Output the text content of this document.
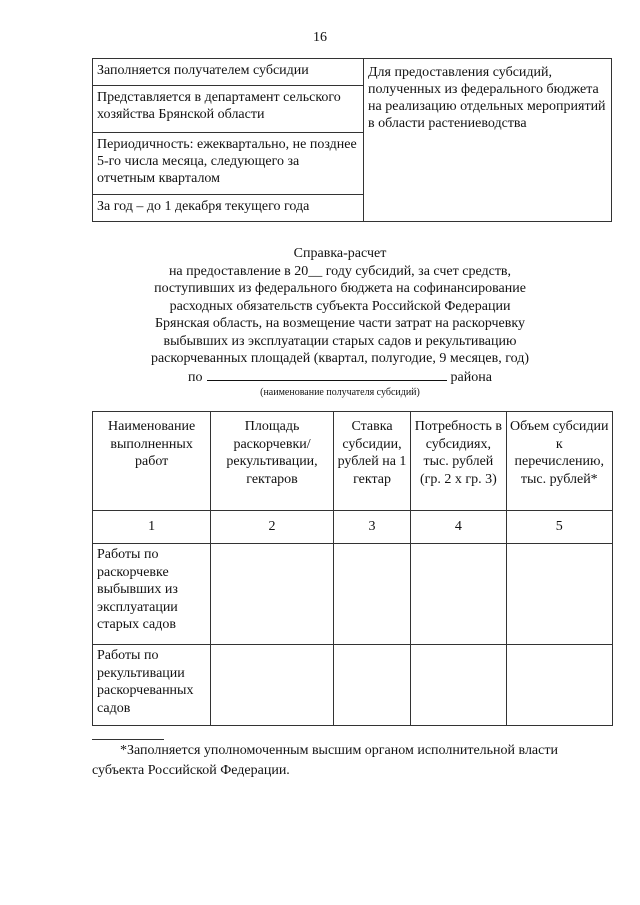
16
Заполняется получателем субсидии	Для предоставления субсидий, полученных из федерального бюджета на реализацию отдельных мероприятий в области растениеводства
Представляется в департамент сельского хозяйства Брянской области
Периодичность: ежеквартально, не позднее 5-го числа месяца, следующего за отчетным кварталом
За год – до 1 декабря текущего года
Справка-расчет
на предоставление в 20__ году субсидий, за счет средств,
поступивших из федерального бюджета на софинансирование
расходных обязательств субъекта Российской Федерации
Брянская область, на возмещение части затрат на раскорчевку
выбывших из эксплуатации старых садов и рекультивацию
раскорчеванных площадей (квартал, полугодие, 9 месяцев, год)
по	района
(наименование получателя субсидий)
Наименование выполненных работ	Площадь раскорчевки/ рекультивации, гектаров	Ставка субсидии, рублей на 1 гектар	Потребность в субсидиях, тыс. рублей (гр. 2 х гр. 3)	Объем субсидии к перечислению, тыс. рублей*
1	2	3	4	5
Работы по раскорчевке выбывших из эксплуатации старых садов				
Работы по рекультивации раскорчеванных садов				
*Заполняется уполномоченным высшим органом исполнительной власти
субъекта Российской Федерации.
